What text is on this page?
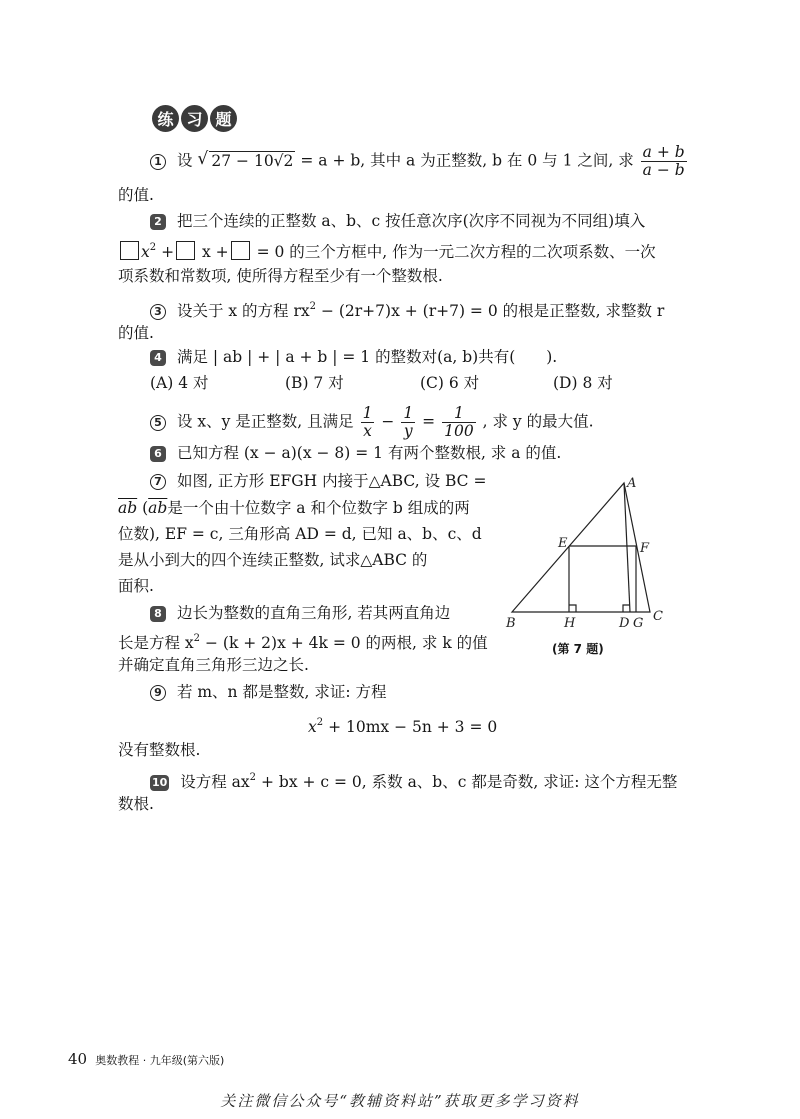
练 习 题
1 设 √ 27 − 10√2 = a + b, 其中 a 为正整数, b 在 0 与 1 之间, 求 $\frac{a + b}{a - b}$
的值.
2 把三个连续的正整数 a、b、c 按任意次序(次序不同视为不同组)填入
$x^2 + x$ + = 0 的三个方框中, 作为一元二次方程的二次项系数、一次
项系数和常数项, 使所得方程至少有一个整数根.
3 设关于 x 的方程 $rx^2 - (2r+7)x + (r+7) = 0$ 的根是正整数, 求整数 r
的值.
4 满足 | ab | + | a + b | = 1 的整数对(a, b)共有(　　).
(A) 4 对	(B) 7 对	(C) 6 对	(D) 8 对
5 设 x、y 是正整数, 且满足 $\frac{1}{x} - \frac{1}{y} = \frac{1}{100}$ , 求 y 的最大值.
6 已知方程 (x − a)(x − 8) = 1 有两个整数根, 求 a 的值.
7 如图, 正方形 EFGH 内接于△ABC, 设 BC =
$\overline{ab}$ ($\overline{ab}$是一个由十位数字 a 和个位数字 b 组成的两
位数), EF = c, 三角形高 AD = d, 已知 a、b、c、d
是从小到大的四个连续正整数, 试求△ABC 的
面积.
8 边长为整数的直角三角形, 若其两直角边
长是方程 $x^2 - (k + 2)x + 4k = 0$ 的两根, 求 k 的值
并确定直角三角形三边之长.
9 若 m、n 都是整数, 求证: 方程
$x^2 + 10mx - 5n + 3 = 0$
没有整数根.
10 设方程 $ax^2$ + bx + c = 0, 系数 a、b、c 都是奇数, 求证: 这个方程无整
数根.
A
B	C
D
E	F
G
H
(第 7 题)
40 奥数教程 · 九年级(第六版)
关注微信公众号“教辅资料站”获取更多学习资料
